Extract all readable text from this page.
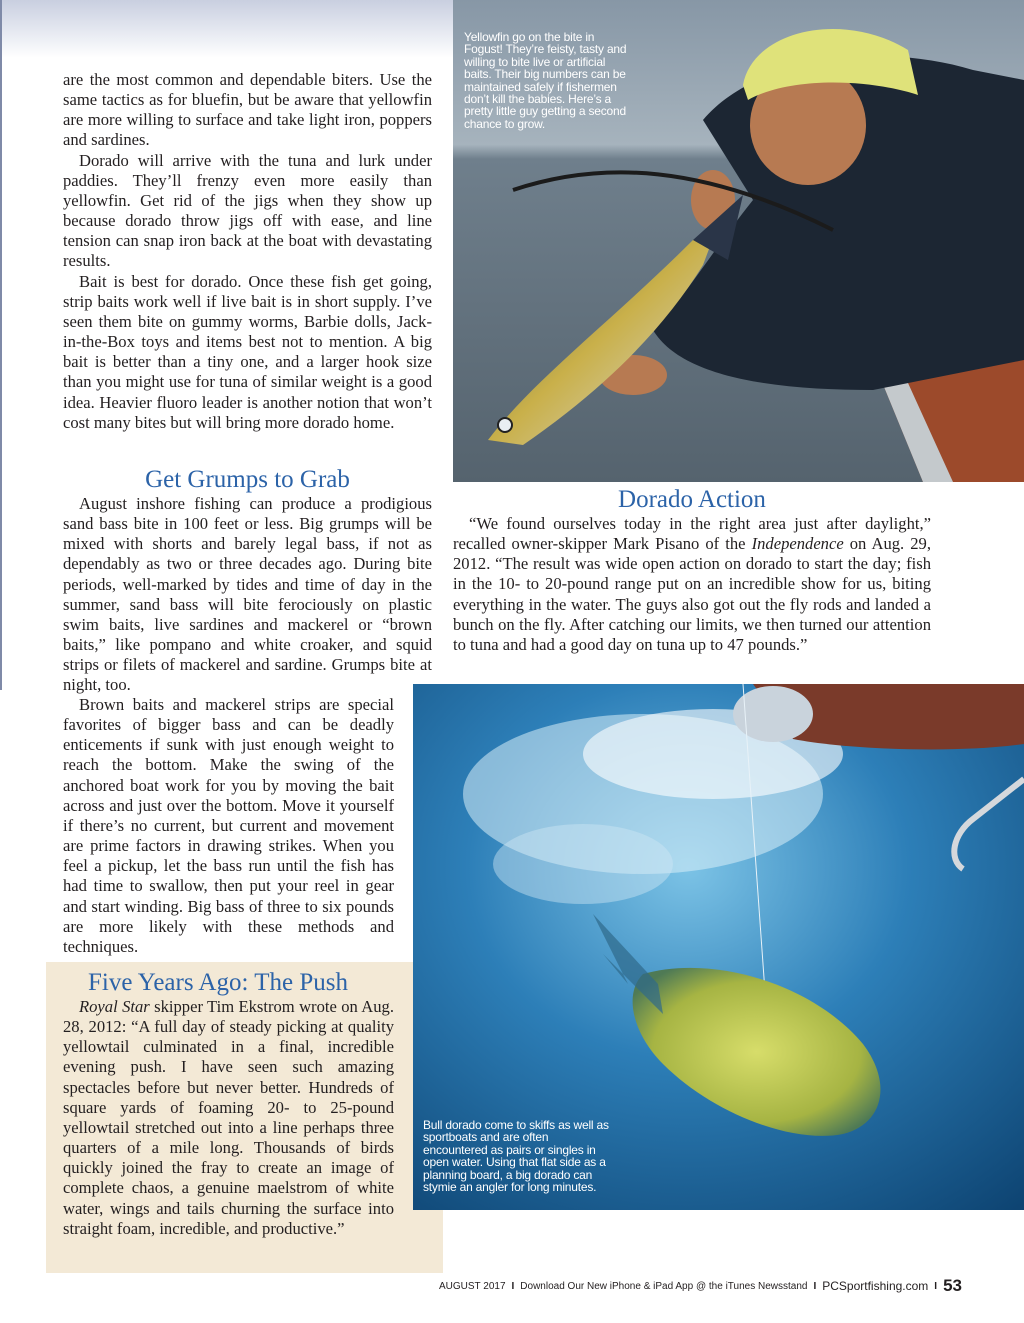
are the most common and dependable biters. Use the same tactics as for bluefin, but be aware that yellowfin are more willing to surface and take light iron, poppers and sardines.

Dorado will arrive with the tuna and lurk under paddies. They’ll frenzy even more easily than yellowfin. Get rid of the jigs when they show up because dorado throw jigs off with ease, and line tension can snap iron back at the boat with devastating results.

Bait is best for dorado. Once these fish get going, strip baits work well if live bait is in short supply. I’ve seen them bite on gummy worms, Barbie dolls, Jack-in-the-Box toys and items best not to mention. A big bait is better than a tiny one, and a larger hook size than you might use for tuna of similar weight is a good idea. Heavier fluoro leader is another notion that won’t cost many bites but will bring more dorado home.

Get Grumps to Grab

August inshore fishing can produce a prodigious sand bass bite in 100 feet or less. Big grumps will be mixed with shorts and barely legal bass, if not as dependably as two or three decades ago. During bite periods, well-marked by tides and time of day in the summer, sand bass will bite ferociously on plastic swim baits, live sardines and mackerel or “brown baits,” like pompano and white croaker, and squid strips or filets of mackerel and sardine. Grumps bite at night, too.

Brown baits and mackerel strips are special favorites of bigger bass and can be deadly enticements if sunk with just enough weight to reach the bottom. Make the swing of the anchored boat work for you by moving the bait across and just over the bottom. Move it yourself if there’s no current, but current and movement are prime factors in drawing strikes. When you feel a pickup, let the bass run until the fish has had time to swallow, then put your reel in gear and start winding. Big bass of three to six pounds are more likely with these methods and techniques.

Five Years Ago: The Push

Royal Star skipper Tim Ekstrom wrote on Aug. 28, 2012: “A full day of steady picking at quality yellowtail culminated in a final, incredible evening push. I have seen such amazing spectacles before but never better. Hundreds of square yards of foaming 20- to 25-pound yellowtail stretched out into a line perhaps three quarters of a mile long. Thousands of birds quickly joined the fray to create an image of complete chaos, a genuine maelstrom of white water, wings and tails churning the surface into straight foam, incredible, and productive.”

Yellowfin go on the bite in Fogust! They’re feisty, tasty and willing to bite live or artificial baits. Their big numbers can be maintained safely if fishermen don’t kill the babies. Here’s a pretty little guy getting a second chance to grow.
Dorado Action

“We found ourselves today in the right area just after daylight,” recalled owner-skipper Mark Pisano of the Independence on Aug. 29, 2012. “The result was wide open action on dorado to start the day; fish in the 10- to 20-pound range put on an incredible show for us, biting everything in the water. The guys also got out the fly rods and landed a bunch on the fly. After catching our limits, we then turned our attention to tuna and had a good day on tuna up to 47 pounds.”

Bull dorado come to skiffs as well as sportboats and are often encountered as pairs or singles in open water. Using that flat side as a planning board, a big dorado can stymie an angler for long minutes.
AUGUST 2017 I Download Our New iPhone & iPad App @ the iTunes Newsstand I PCSportfishing.com I 53
